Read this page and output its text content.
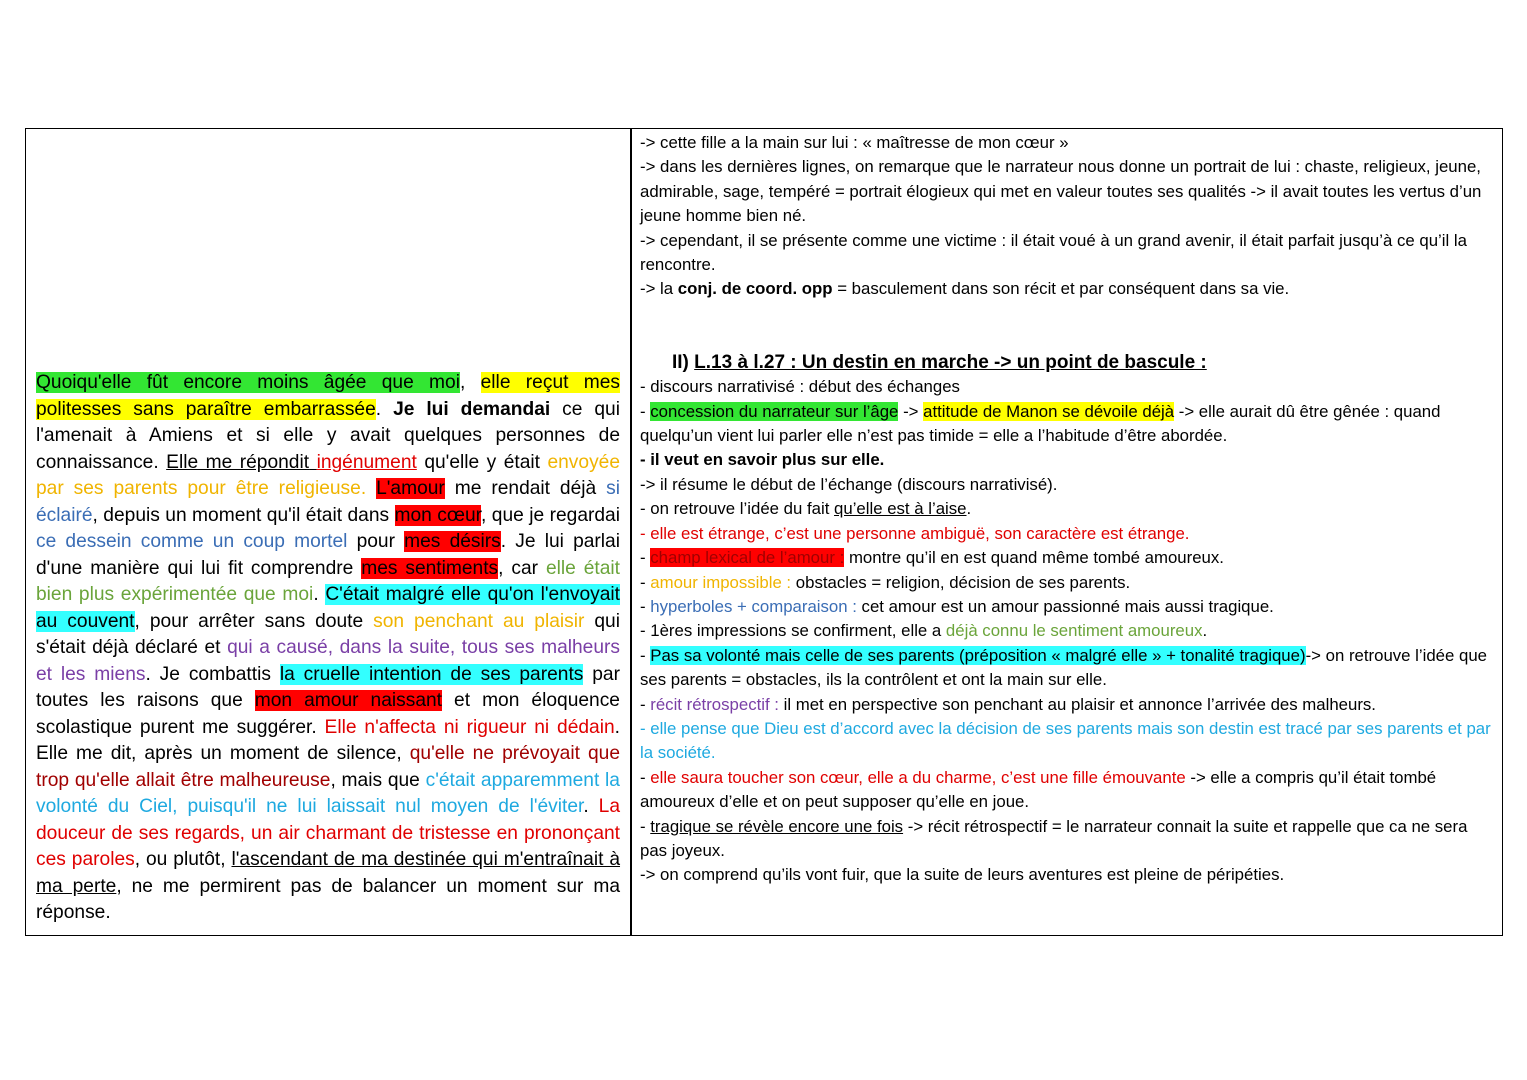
Quoiqu'elle fût encore moins âgée que moi, elle reçut mes politesses sans paraître embarrassée. Je lui demandai ce qui l'amenait à Amiens et si elle y avait quelques personnes de connaissance. Elle me répondit ingénument qu'elle y était envoyée par ses parents pour être religieuse. L'amour me rendait déjà si éclairé, depuis un moment qu'il était dans mon cœur, que je regardai ce dessein comme un coup mortel pour mes désirs. Je lui parlai d'une manière qui lui fit comprendre mes sentiments, car elle était bien plus expérimentée que moi. C'était malgré elle qu'on l'envoyait au couvent, pour arrêter sans doute son penchant au plaisir qui s'était déjà déclaré et qui a causé, dans la suite, tous ses malheurs et les miens. Je combattis la cruelle intention de ses parents par toutes les raisons que mon amour naissant et mon éloquence scolastique purent me suggérer. Elle n'affecta ni rigueur ni dédain. Elle me dit, après un moment de silence, qu'elle ne prévoyait que trop qu'elle allait être malheureuse, mais que c'était apparemment la volonté du Ciel, puisqu'il ne lui laissait nul moyen de l'éviter. La douceur de ses regards, un air charmant de tristesse en prononçant ces paroles, ou plutôt, l'ascendant de ma destinée qui m'entraînait à ma perte, ne me permirent pas de balancer un moment sur ma réponse.

-> cette fille a la main sur lui : « maîtresse de mon cœur »

-> dans les dernières lignes, on remarque que le narrateur nous donne un portrait de lui : chaste, religieux, jeune, admirable, sage, tempéré = portrait élogieux qui met en valeur toutes ses qualités -> il avait toutes les vertus d’un jeune homme bien né.

-> cependant, il se présente comme une victime : il était voué à un grand avenir, il était parfait jusqu’à ce qu’il la rencontre.

-> la conj. de coord. opp = basculement dans son récit et par conséquent dans sa vie.

II) L.13 à l.27 : Un destin en marche -> un point de bascule :

- discours narrativisé : début des échanges

- concession du narrateur sur l’âge -> attitude de Manon se dévoile déjà -> elle aurait dû être gênée : quand quelqu’un vient lui parler elle n’est pas timide = elle a l’habitude d’être abordée.

- il veut en savoir plus sur elle.

-> il résume le début de l’échange (discours narrativisé).

- on retrouve l’idée du fait qu’elle est à l’aise.

- elle est étrange, c’est une personne ambiguë, son caractère est étrange.

- champ lexical de l’amour : montre qu’il en est quand même tombé amoureux.

- amour impossible : obstacles = religion, décision de ses parents.

- hyperboles + comparaison : cet amour est un amour passionné mais aussi tragique.

- 1ères impressions se confirment, elle a déjà connu le sentiment amoureux.

- Pas sa volonté mais celle de ses parents (préposition « malgré elle » + tonalité tragique)-> on retrouve l’idée que ses parents = obstacles, ils la contrôlent et ont la main sur elle.

- récit rétrospectif : il met en perspective son penchant au plaisir et annonce l’arrivée des malheurs.

- elle pense que Dieu est d’accord avec la décision de ses parents mais son destin est tracé par ses parents et par la société.

- elle saura toucher son cœur, elle a du charme, c’est une fille émouvante -> elle a compris qu’il était tombé amoureux d’elle et on peut supposer qu’elle en joue.

- tragique se révèle encore une fois -> récit rétrospectif = le narrateur connait la suite et rappelle que ca ne sera pas joyeux.

-> on comprend qu’ils vont fuir, que la suite de leurs aventures est pleine de péripéties.
